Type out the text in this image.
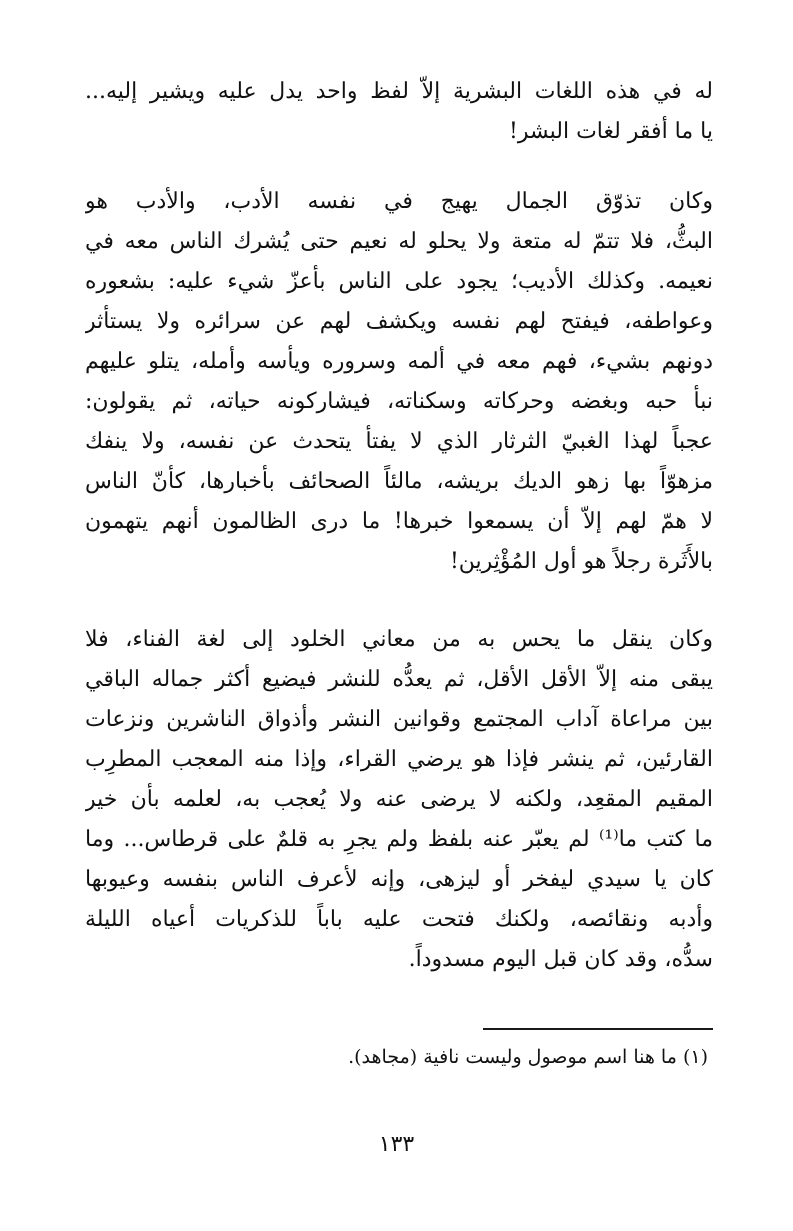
له في هذه اللغات البشرية إلاّ لفظ واحد يدل عليه ويشير إليه...
يا ما أفقر لغات البشر!
وكان تذوّق الجمال يهيج في نفسه الأدب، والأدب هو
البثُّ، فلا تتمّ له متعة ولا يحلو له نعيم حتى يُشرك الناس معه في
نعيمه. وكذلك الأديب؛ يجود على الناس بأعزّ شيء عليه: بشعوره
وعواطفه، فيفتح لهم نفسه ويكشف لهم عن سرائره ولا يستأثر
دونهم بشيء، فهم معه في ألمه وسروره ويأسه وأمله، يتلو عليهم
نبأ حبه وبغضه وحركاته وسكناته، فيشاركونه حياته، ثم يقولون:
عجباً لهذا الغبيّ الثرثار الذي لا يفتأ يتحدث عن نفسه، ولا ينفك
مزهوّاً بها زهو الديك بريشه، مالئاً الصحائف بأخبارها، كأنّ الناس
لا همّ لهم إلاّ أن يسمعوا خبرها! ما درى الظالمون أنهم يتهمون
بالأَثَرة رجلاً هو أول المُؤْثِرين!
وكان ينقل ما يحس به من معاني الخلود إلى لغة الفناء، فلا
يبقى منه إلاّ الأقل الأقل، ثم يعدُّه للنشر فيضيع أكثر جماله الباقي
بين مراعاة آداب المجتمع وقوانين النشر وأذواق الناشرين ونزعات
القارئين، ثم ينشر فإذا هو يرضي القراء، وإذا منه المعجب المطرِب
المقيم المقعِد، ولكنه لا يرضى عنه ولا يُعجب به، لعلمه بأن خير
ما كتب ما⁽¹⁾ لم يعبّر عنه بلفظ ولم يجرِ به قلمٌ على قرطاس... وما
كان يا سيدي ليفخر أو ليزهى، وإنه لأعرف الناس بنفسه وعيوبها
وأدبه ونقائصه، ولكنك فتحت عليه باباً للذكريات أعياه الليلة
سدُّه، وقد كان قبل اليوم مسدوداً.
(١) ما هنا اسم موصول وليست نافية (مجاهد).
١٣٣
